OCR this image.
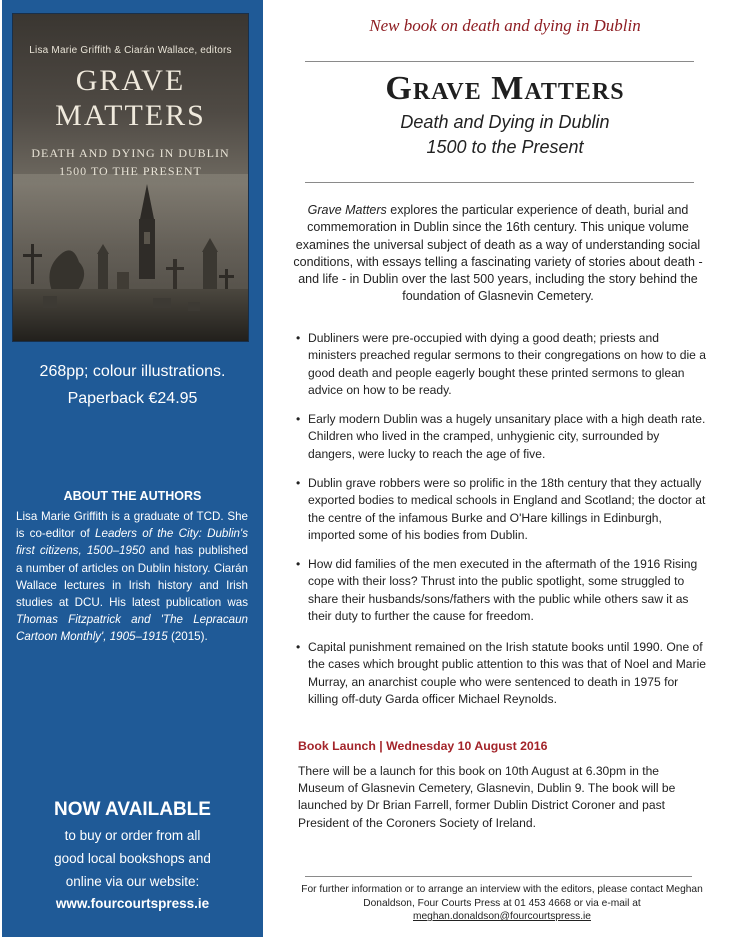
Lisa Marie Griffith & Ciarán Wallace, editors
GRAVE
MATTERS
DEATH AND DYING IN DUBLIN
1500 TO THE PRESENT
268pp; colour illustrations.
Paperback €24.95
ABOUT THE AUTHORS
Lisa Marie Griffith is a graduate of TCD. She is co-editor of Leaders of the City: Dublin's first citizens, 1500–1950 and has published a number of articles on Dublin history. Ciarán Wallace lectures in Irish history and Irish studies at DCU. His latest publication was Thomas Fitzpatrick and 'The Lepracaun Cartoon Monthly', 1905–1915 (2015).
NOW AVAILABLE
to buy or order from all
good local bookshops and
online via our website:
www.fourcourtspress.ie
New book on death and dying in Dublin
Grave Matters
Death and Dying in Dublin
1500 to the Present
Grave Matters explores the particular experience of death, burial and commemoration in Dublin since the 16th century. This unique volume examines the universal subject of death as a way of understanding social conditions, with essays telling a fascinating variety of stories about death - and life - in Dublin over the last 500 years, including the story behind the foundation of Glasnevin Cemetery.
• Dubliners were pre-occupied with dying a good death; priests and ministers preached regular sermons to their congregations on how to die a good death and people eagerly bought these printed sermons to glean advice on how to be ready.
• Early modern Dublin was a hugely unsanitary place with a high death rate. Children who lived in the cramped, unhygienic city, surrounded by dangers, were lucky to reach the age of five.
• Dublin grave robbers were so prolific in the 18th century that they actually exported bodies to medical schools in England and Scotland; the doctor at the centre of the infamous Burke and O'Hare killings in Edinburgh, imported some of his bodies from Dublin.
• How did families of the men executed in the aftermath of the 1916 Rising cope with their loss? Thrust into the public spotlight, some struggled to share their husbands/sons/fathers with the public while others saw it as their duty to further the cause for freedom.
• Capital punishment remained on the Irish statute books until 1990. One of the cases which brought public attention to this was that of Noel and Marie Murray, an anarchist couple who were sentenced to death in 1975 for killing off-duty Garda officer Michael Reynolds.
Book Launch | Wednesday 10 August 2016
There will be a launch for this book on 10th August at 6.30pm in the Museum of Glasnevin Cemetery, Glasnevin, Dublin 9. The book will be launched by Dr Brian Farrell, former Dublin District Coroner and past President of the Coroners Society of Ireland.
For further information or to arrange an interview with the editors, please contact Meghan Donaldson, Four Courts Press at 01 453 4668 or via e-mail at meghan.donaldson@fourcourtspress.ie
